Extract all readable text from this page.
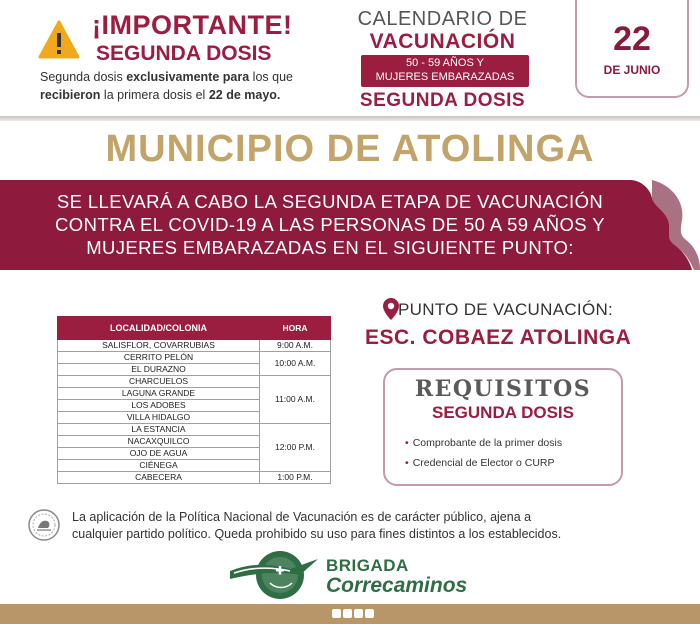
¡IMPORTANTE!
SEGUNDA DOSIS
Segunda dosis exclusivamente para los que
recibieron la primera dosis el 22 de mayo.
CALENDARIO DE
VACUNACIÓN
50 - 59 AÑOS Y
MUJERES EMBARAZADAS
SEGUNDA DOSIS
22
DE JUNIO
MUNICIPIO DE ATOLINGA
SE LLEVARÁ A CABO LA SEGUNDA ETAPA DE VACUNACIÓN
CONTRA EL COVID-19 A LAS PERSONAS DE 50 A 59 AÑOS Y
MUJERES EMBARAZADAS EN EL SIGUIENTE PUNTO:
LOCALIDAD/COLONIA	HORA
SALISFLOR, COVARRUBIAS	9:00 A.M.
CERRITO PELÓN	10:00 A.M.
EL DURAZNO	
CHARCUELOS	11:00 A.M.
LAGUNA GRANDE	
LOS ADOBES	
VILLA HIDALGO	
LA ESTANCIA	12:00 P.M.
NACAXQUILCO	
OJO DE AGUA	
CIÉNEGA	
CABECERA	1:00 P.M.
PUNTO DE VACUNACIÓN:
ESC. COBAEZ ATOLINGA
REQUISITOS
SEGUNDA DOSIS
• Comprobante de la primer dosis
• Credencial de Elector o CURP
La aplicación de la Política Nacional de Vacunación es de carácter público, ajena a
cualquier partido político. Queda prohibido su uso para fines distintos a los establecidos.
BRIGADA
Correcaminos
